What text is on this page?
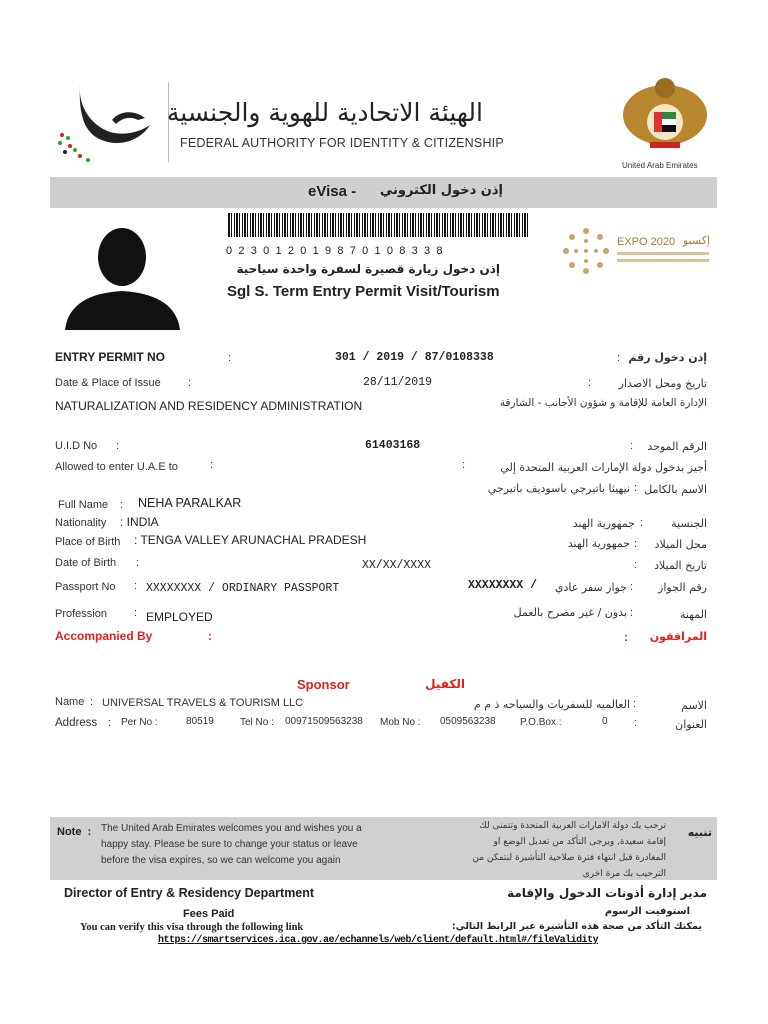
الهيئة الاتحادية للهوية والجنسية
FEDERAL AUTHORITY FOR IDENTITY & CITIZENSHIP
United Arab Emirates
eVisa - إذن دخول الكتروني
0 2 3 0 1 2 0 1 9 8 7 0 1 0 8 3 3 8
إذن دخول زيارة قصيرة لسفرة واحدة سياحية
Sgl S. Term Entry Permit Visit/Tourism
EXPO 2020 إكسبو
ENTRY PERMIT NO	:	301 / 2019 / 87/0108338	: إذن دخول رقم
Date & Place of Issue :	28/11/2019	:	تاريخ ومحل الاصدار
NATURALIZATION AND RESIDENCY ADMINISTRATION	الإدارة العامة للإقامة و شؤون الأجانب - الشارقة
U.I.D No :	61403168	:	الرقم الموحد
Allowed to enter U.A.E to	:	:	أجيز بدخول دولة الإمارات العربية المتحدة إلي
نيهيثا باتيرجي باسوديف باتيرجي : الاسم بالكامل
Full Name : NEHA PARALKAR
Nationality : INDIA	جمهورية الهند :	الجنسية
Place of Birth : TENGA VALLEY ARUNACHAL PRADESH	جمهورية الهند :	محل الميلاد
Date of Birth :	XX/XX/XXXX	:	تاريخ الميلاد
Passport No : XXXXXXXX / ORDINARY PASSPORT	XXXXXXXX /	جواز سفر عادي :	رقم الجواز
Profession : EMPLOYED	بدون / غير مصرح بالعمل :	المهنة
Accompanied By	:	:	المرافقون
Sponsor	الكفيل
Name : UNIVERSAL TRAVELS & TOURISM LLC	العالميه للسفريات والسياحه ذ م م :	الاسم
Address : Per No :	80519	Tel No : 00971509563238 Mob No : 0509563238 P.O.Box :	0 :	العنوان
Note  : The United Arab Emirates welcomes you and wishes you a
happy stay. Please be sure to change your status or leave
before the visa expires, so we can welcome you again
ترحب بك دولة الامارات العربية المتحدة وتتمنى لك
إقامة سعيدة, ويرجى التأكد من تعديل الوضع او
المغادرة قبل انتهاء فترة صلاحية التأشيرة لنتمكن من
الترحيب بك مرة اخرى
تنبيه
Director of Entry & Residency Department	مدير إدارة أذونات الدخول والإقامة
Fees Paid	استوفيت الرسوم
You can verify this visa through the following link	يمكنك التأكد من صحة هذه التأشيرة عبر الرابط التالي:
https://smartservices.ica.gov.ae/echannels/web/client/default.html#/fileValidity
